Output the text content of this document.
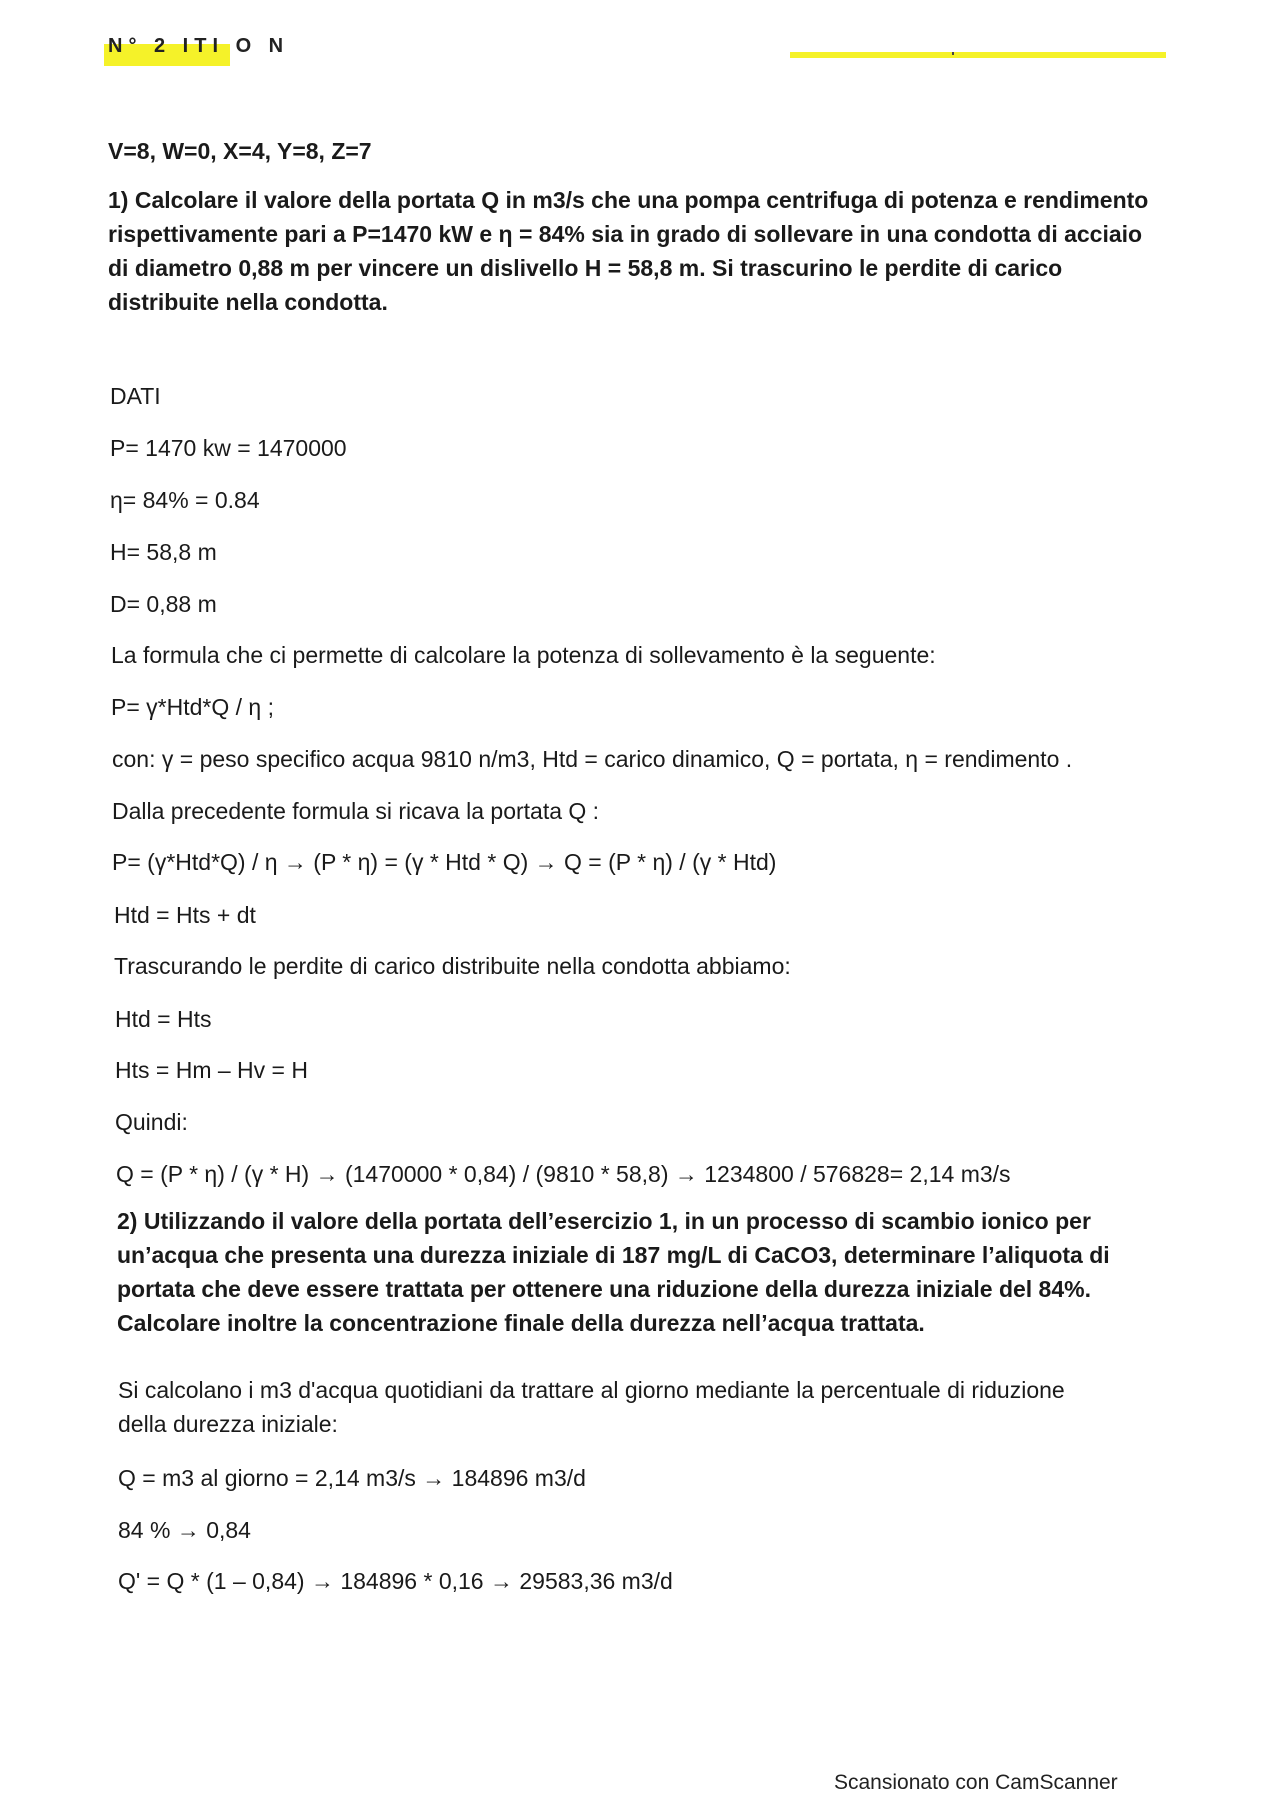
N° 2 ITI O N
V=8, W=0, X=4, Y=8, Z=7
1) Calcolare il valore della portata Q in m3/s che una pompa centrifuga di potenza e rendimento
rispettivamente pari a P=1470 kW e η = 84% sia in grado di sollevare in una condotta di acciaio
di diametro 0,88 m per vincere un dislivello H = 58,8 m. Si trascurino le perdite di carico
distribuite nella condotta.
DATI
P= 1470 kw = 1470000
η= 84% = 0.84
H= 58,8 m
D= 0,88 m
La formula che ci permette di calcolare la potenza di sollevamento è la seguente:
P= γ*Htd*Q / η ;
con: γ = peso specifico acqua 9810 n/m3, Htd = carico dinamico, Q = portata, η = rendimento .
Dalla precedente formula si ricava la portata Q :
P= (γ*Htd*Q) / η → (P * η) = (γ * Htd * Q) → Q = (P * η) / (γ * Htd)
Htd = Hts + dt
Trascurando le perdite di carico distribuite nella condotta abbiamo:
Htd = Hts
Hts = Hm – Hv = H
Quindi:
Q = (P * η) / (γ * H) → (1470000 * 0,84) / (9810 * 58,8) → 1234800 / 576828= 2,14 m3/s
2) Utilizzando il valore della portata dell’esercizio 1, in un processo di scambio ionico per
un’acqua che presenta una durezza iniziale di 187 mg/L di CaCO3, determinare l’aliquota di
portata che deve essere trattata per ottenere una riduzione della durezza iniziale del 84%.
Calcolare inoltre la concentrazione finale della durezza nell’acqua trattata.
Si calcolano i m3 d'acqua quotidiani da trattare al giorno mediante la percentuale di riduzione
della durezza iniziale:
Q = m3 al giorno = 2,14 m3/s → 184896 m3/d
84 % → 0,84
Q' = Q * (1 – 0,84) → 184896 * 0,16 → 29583,36 m3/d
Scansionato con CamScanner
